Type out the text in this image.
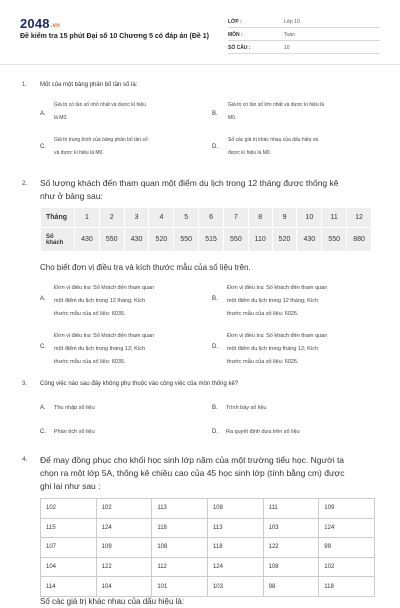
2048.vn
Đề kiểm tra 15 phút Đại số 10 Chương 5 có đáp án (Đề 1)
LỚP :	Lớp 10
MÔN :	Toán
SỐ CÂU :	10
1. Mốt của một bảng phân bố tần số là:
A.
Giá trị có tần số nhỏ nhất và được kí hiệu
là M0.
B.
Giá trị có tần số lớn nhất và được kí hiệu là
M0.
C.
Giá trị trung bình của bảng phân bố tần số
và được kí hiệu là M0.
D.
Số các giá trị khác nhau của dấu hiệu và
được kí hiệu là M0.
2. Số lượng khách đến tham quan một điểm du lịch trong 12 tháng được thống kê
như ở bảng sau:
Tháng	1	2	3	4	5	6	7	8	9	10	11	12
Số
khách	430	550	430	520	550	515	550	110	520	430	550	880
Cho biết đơn vị điều tra và kích thước mẫu của số liệu trên.
A.
Đơn vị điều tra: Số khách đến tham quan
một điểm du lịch trong 12 tháng; Kích
thước mẫu của số liệu: 6035.
B.
Đơn vị điều tra: Số khách đến tham quan
một điểm du lịch trong 12 tháng; Kích
thước mẫu của số liệu: 6025.
C.
Đơn vị điều tra: Số khách đến tham quan
một điểm du lịch trong tháng 12; Kích
thước mẫu của số liệu: 6035.
D.
Đơn vị điều tra: Số khách đến tham quan
một điểm du lịch trong tháng 12; Kích
thước mẫu của số liệu: 6025.
3. Công việc nào sau đây không phụ thuộc vào công việc của môn thống kê?
A. Thu nhập số liệu	B. Trình bày số liệu
C. Phân tích số liệu	D. Ra quyết định dựa trên số liệu
4. Để may đồng phục cho khối học sinh lớp năm của một trường tiểu học. Người ta
chọn ra một lớp 5A, thống kê chiều cao của 45 học sinh lớp (tính bằng cm) được
ghi lại như sau :
102	102	113	108	111	109
115	124	118	113	103	124
107	109	108	118	122	99
104	122	112	124	108	102
114	104	101	103	98	118
Số các giá trị khác nhau của dấu hiệu là:
